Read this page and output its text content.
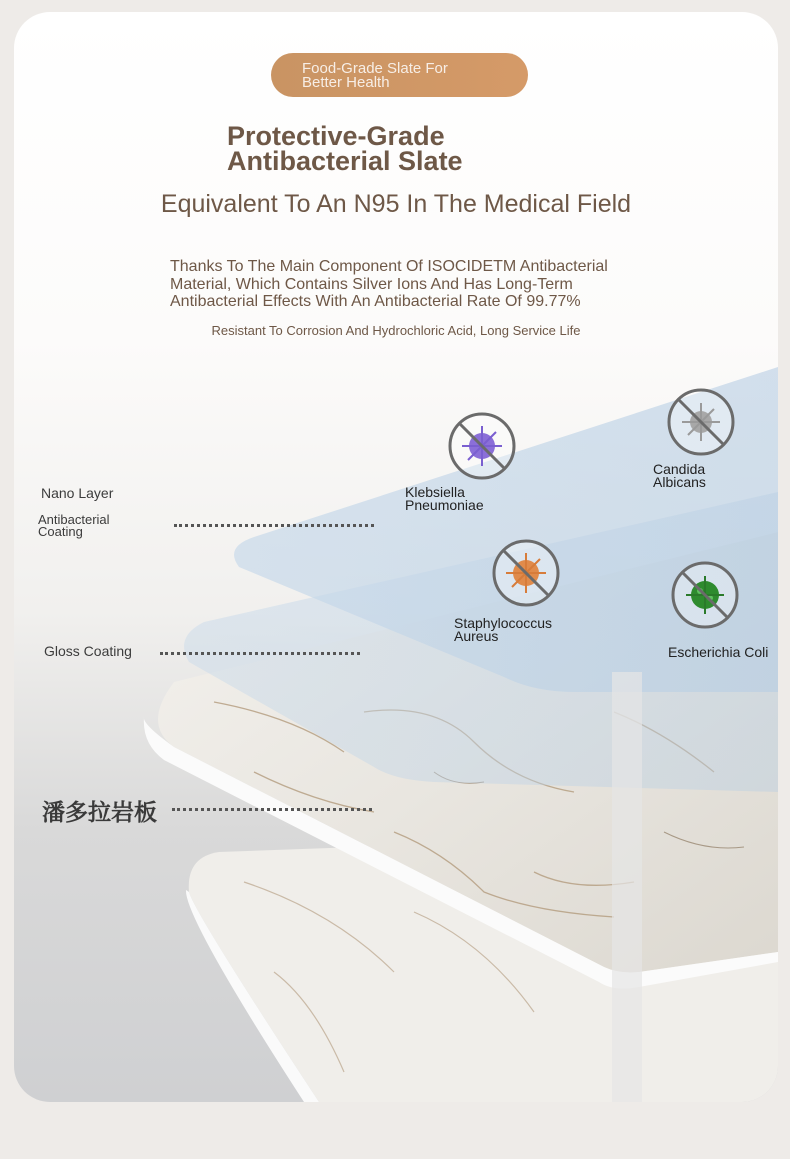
Food-Grade Slate For
Better Health
Protective-Grade
Antibacterial Slate
Equivalent To An N95 In The Medical Field
Thanks To The Main Component Of ISOCIDETM Antibacterial
Material, Which Contains Silver Ions And Has Long-Term
Antibacterial Effects With An Antibacterial Rate Of 99.77%
Resistant To Corrosion And Hydrochloric Acid, Long Service Life
Nano Layer
Antibacterial
Coating
Gloss Coating
潘多拉岩板
Klebsiella
Pneumoniae
Candida
Albicans
Staphylococcus
Aureus
Escherichia Coli
